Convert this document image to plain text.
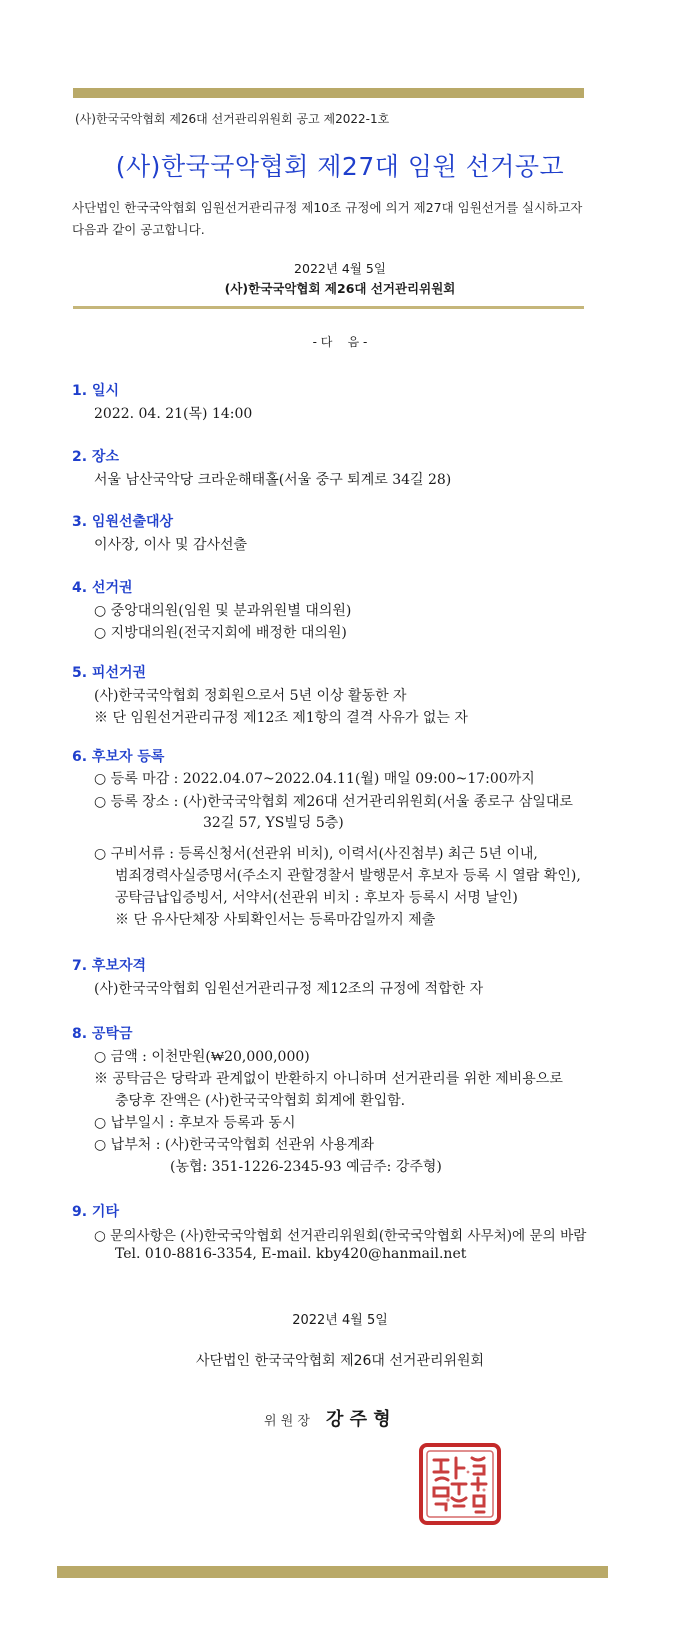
(사)한국국악협회 제26대 선거관리위원회 공고 제2022-1호
(사)한국국악협회 제27대 임원 선거공고
사단법인 한국국악협회 임원선거관리규정 제10조 규정에 의거 제27대 임원선거를 실시하고자
다음과 같이 공고합니다.
2022년 4월 5일
(사)한국국악협회 제26대 선거관리위원회
- 다    음 -
1. 일시
2022. 04. 21(목) 14:00
2. 장소
서울 남산국악당 크라운해태홀(서울 중구 퇴계로 34길 28)
3. 임원선출대상
이사장, 이사 및 감사선출
4. 선거권
○ 중앙대의원(임원 및 분과위원별 대의원)
○ 지방대의원(전국지회에 배정한 대의원)
5. 피선거권
(사)한국국악협회 정회원으로서 5년 이상 활동한 자
※ 단 임원선거관리규정 제12조 제1항의 결격 사유가 없는 자
6. 후보자 등록
○ 등록 마감 : 2022.04.07~2022.04.11(월) 매일 09:00~17:00까지
○ 등록 장소 : (사)한국국악협회 제26대 선거관리위원회(서울 종로구 삼일대로
32길 57, YS빌딩 5층)
○ 구비서류 : 등록신청서(선관위 비치), 이력서(사진첨부) 최근 5년 이내,
범죄경력사실증명서(주소지 관할경찰서 발행문서 후보자 등록 시 열람 확인),
공탁금납입증빙서, 서약서(선관위 비치 : 후보자 등록시 서명 날인)
※ 단 유사단체장 사퇴확인서는 등록마감일까지 제출
7. 후보자격
(사)한국국악협회 임원선거관리규정 제12조의 규정에 적합한 자
8. 공탁금
○ 금액 : 이천만원(₩20,000,000)
※ 공탁금은 당락과 관계없이 반환하지 아니하며 선거관리를 위한 제비용으로
충당후 잔액은 (사)한국국악협회 회계에 환입함.
○ 납부일시 : 후보자 등록과 동시
○ 납부처 : (사)한국국악협회 선관위 사용계좌
(농협: 351-1226-2345-93 예금주: 강주형)
9. 기타
○ 문의사항은 (사)한국국악협회 선거관리위원회(한국국악협회 사무처)에 문의 바람
Tel. 010-8816-3354, E-mail. kby420@hanmail.net
2022년 4월 5일
사단법인 한국국악협회 제26대 선거관리위원회
위 원 장 강 주 형
